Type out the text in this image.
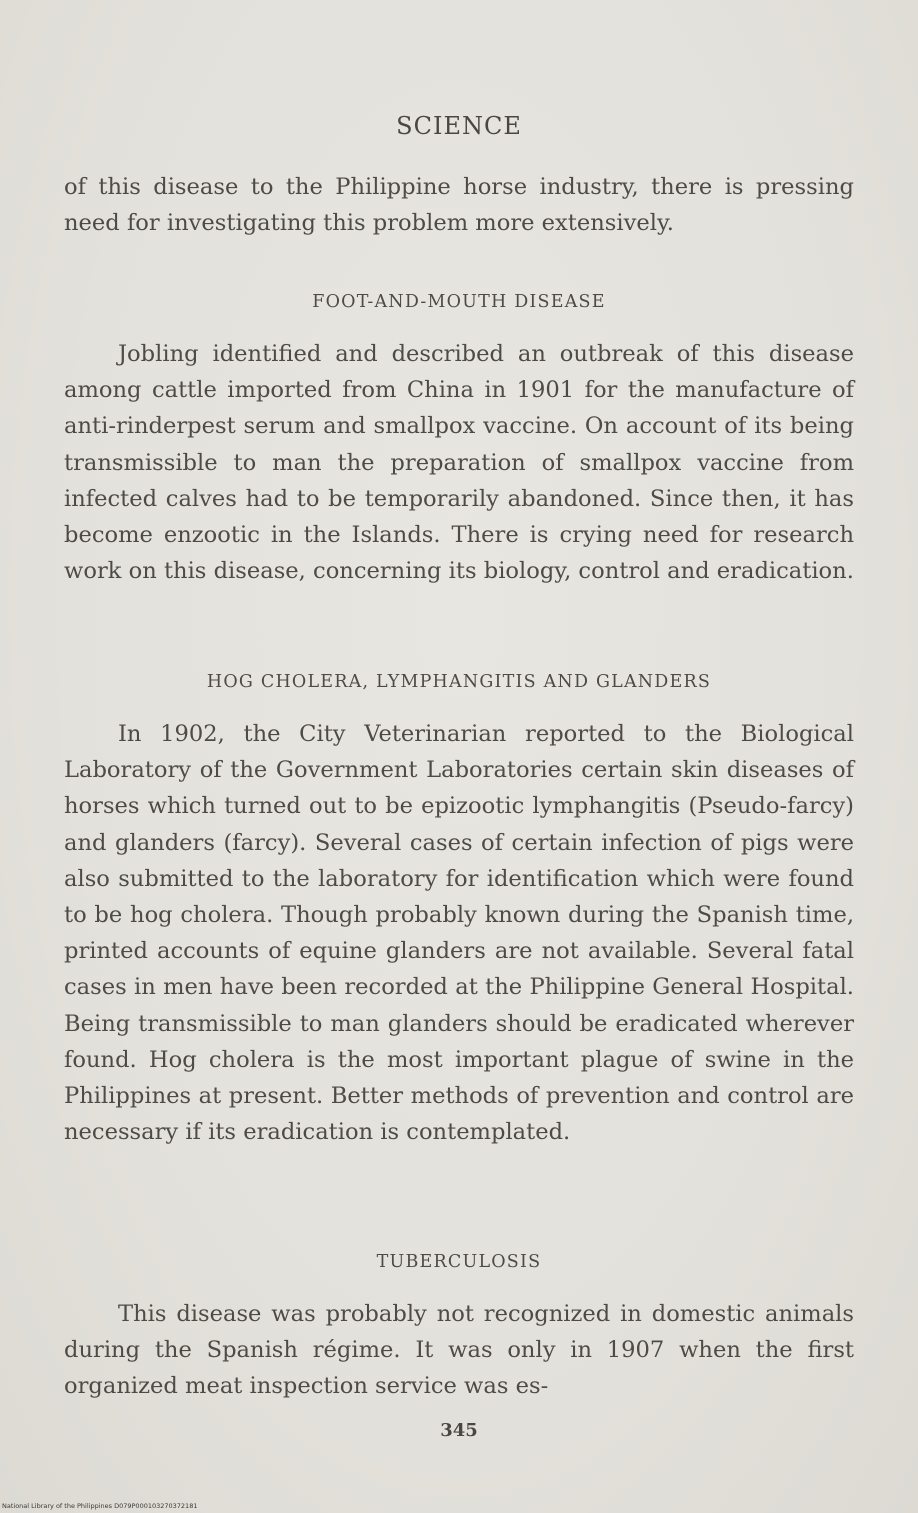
SCIENCE

of this disease to the Philippine horse industry, there is pressing need for investigating this problem more extensively.

FOOT-AND-MOUTH DISEASE

Jobling identified and described an outbreak of this disease among cattle imported from China in 1901 for the manufacture of anti-rinderpest serum and smallpox vaccine. On account of its being transmissible to man the preparation of smallpox vaccine from infected calves had to be temporarily abandoned. Since then, it has become enzootic in the Islands. There is crying need for research work on this disease, concerning its biology, control and eradication.

HOG CHOLERA, LYMPHANGITIS AND GLANDERS

In 1902, the City Veterinarian reported to the Biological Laboratory of the Government Laboratories certain skin diseases of horses which turned out to be epizootic lymphangitis (Pseudo-farcy) and glanders (farcy). Several cases of certain infection of pigs were also submitted to the laboratory for identification which were found to be hog cholera. Though probably known during the Spanish time, printed accounts of equine glanders are not available. Several fatal cases in men have been recorded at the Philippine General Hospital. Being transmissible to man glanders should be eradicated wherever found. Hog cholera is the most important plague of swine in the Philippines at present. Better methods of prevention and control are necessary if its eradication is contemplated.

TUBERCULOSIS

This disease was probably not recognized in domestic animals during the Spanish régime. It was only in 1907 when the first organized meat inspection service was es-

345
National Library of the Philippines D079P000103270372181
